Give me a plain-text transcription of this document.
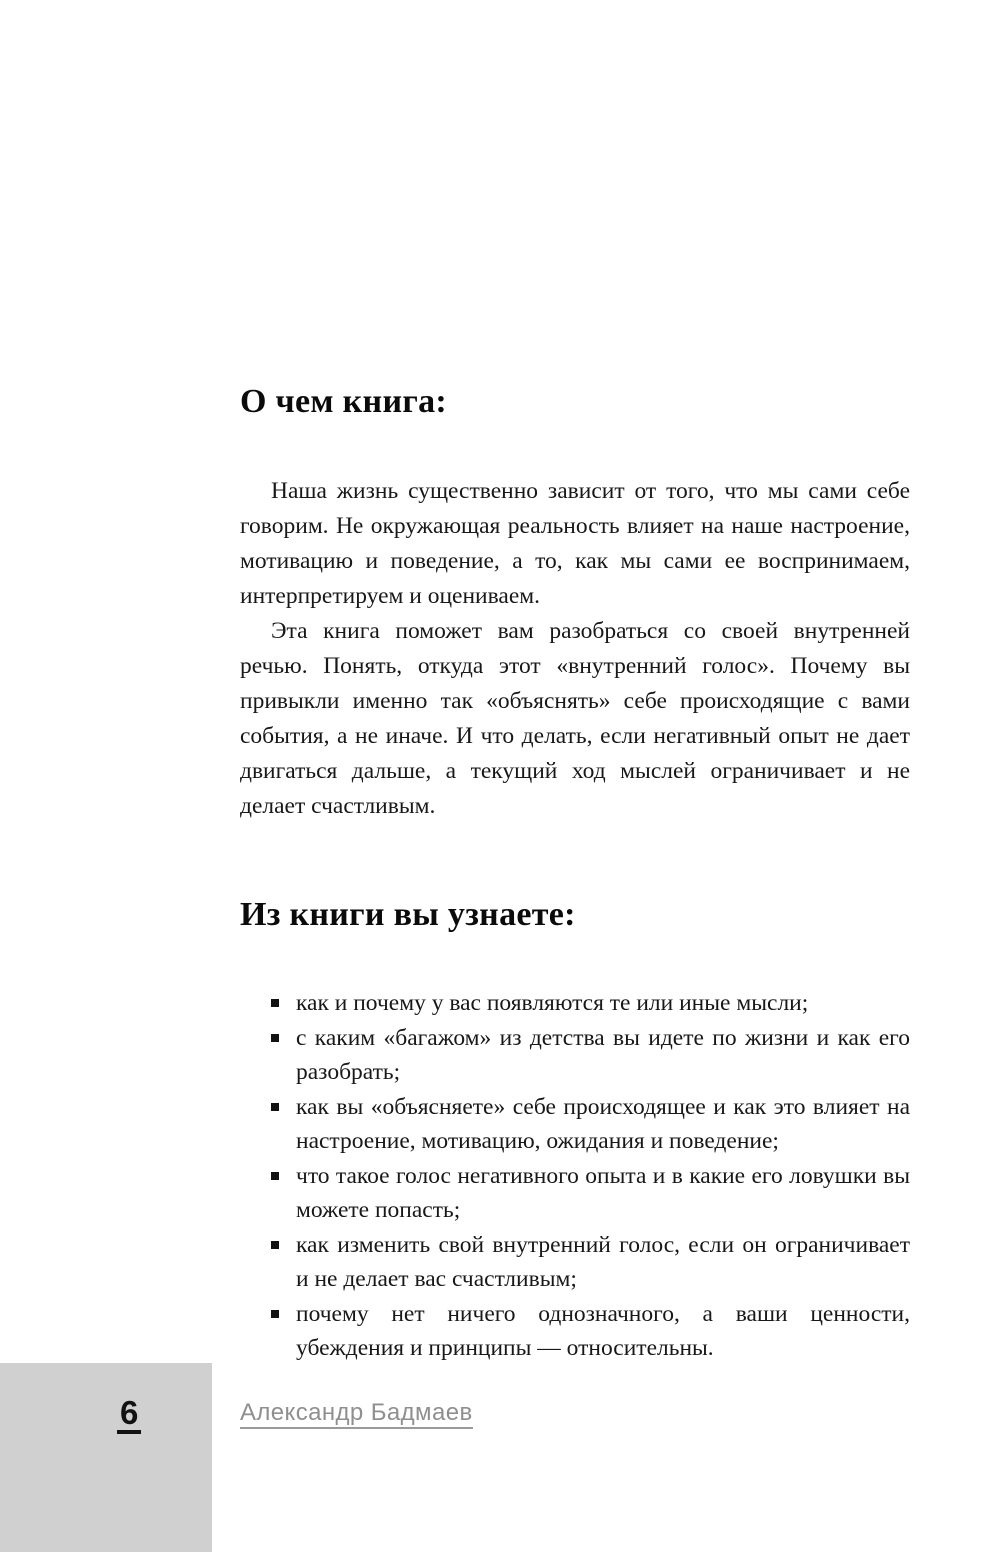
О чем книга:

Наша жизнь существенно зависит от того, что мы сами себе говорим. Не окружающая реальность влияет на наше настроение, мотивацию и поведение, а то, как мы сами ее воспринимаем, интерпретируем и оцениваем.

Эта книга поможет вам разобраться со своей внутренней речью. Понять, откуда этот «внутренний голос». Почему вы привыкли именно так «объяснять» себе происходящие с вами события, а не иначе. И что делать, если негативный опыт не дает двигаться дальше, а текущий ход мыслей ограничивает и не делает счастливым.

Из книги вы узнаете:
как и почему у вас появляются те или иные мысли;
с каким «багажом» из детства вы идете по жизни и как его разобрать;
как вы «объясняете» себе происходящее и как это влияет на настроение, мотивацию, ожидания и поведение;
что такое голос негативного опыта и в какие его ловушки вы можете попасть;
как изменить свой внутренний голос, если он ограничивает и не делает вас счастливым;
почему нет ничего однозначного, а ваши ценности, убеждения и принципы — относительны.
6	Александр Бадмаев
